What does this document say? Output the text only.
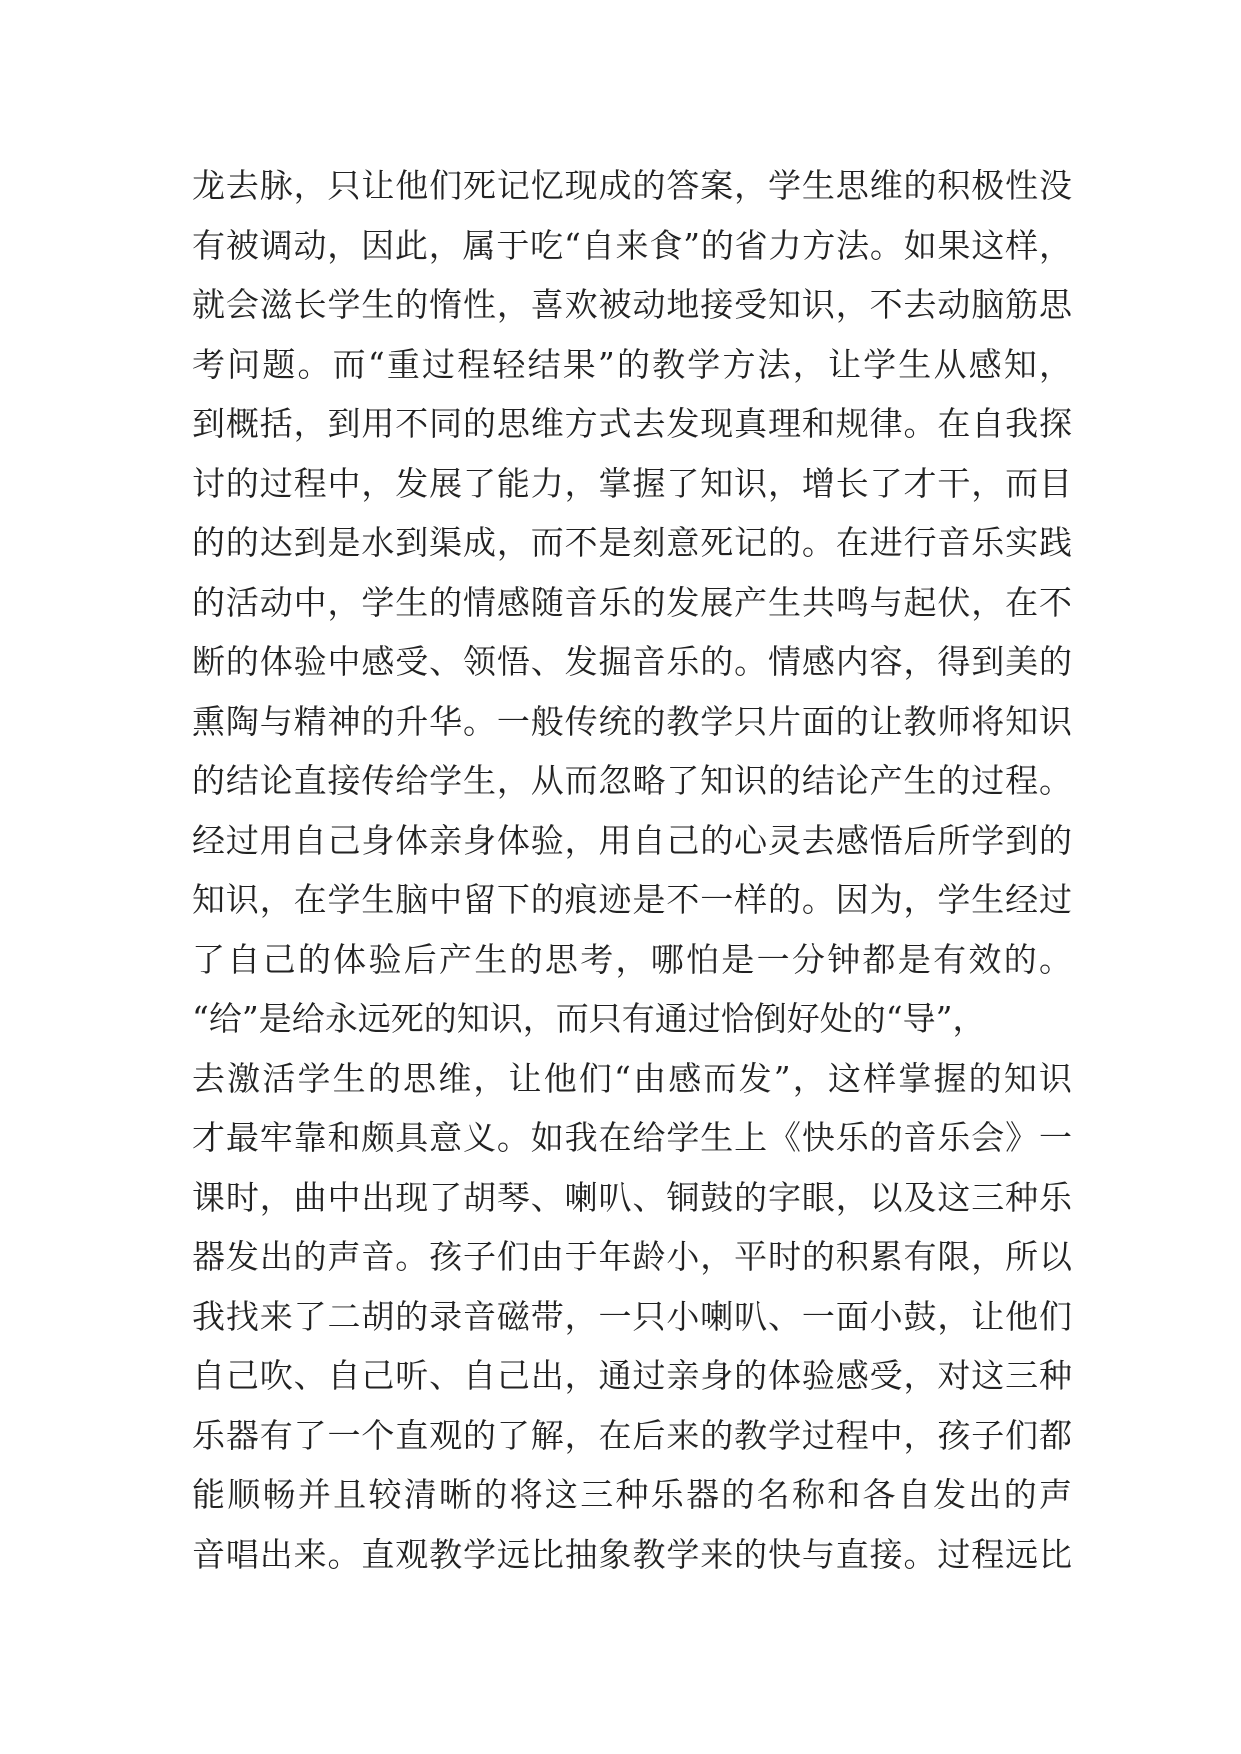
龙去脉，只让他们死记忆现成的答案，学生思维的积极性没
有被调动，因此，属于吃“自来食”的省力方法。如果这样，
就会滋长学生的惰性，喜欢被动地接受知识，不去动脑筋思
考问题。而“重过程轻结果”的教学方法，让学生从感知，
到概括，到用不同的思维方式去发现真理和规律。在自我探
讨的过程中，发展了能力，掌握了知识，增长了才干，而目
的的达到是水到渠成，而不是刻意死记的。在进行音乐实践
的活动中，学生的情感随音乐的发展产生共鸣与起伏，在不
断的体验中感受、领悟、发掘音乐的。情感内容，得到美的
熏陶与精神的升华。一般传统的教学只片面的让教师将知识
的结论直接传给学生，从而忽略了知识的结论产生的过程。
经过用自己身体亲身体验，用自己的心灵去感悟后所学到的
知识，在学生脑中留下的痕迹是不一样的。因为，学生经过
了自己的体验后产生的思考，哪怕是一分钟都是有效的。
“给”是给永远死的知识，而只有通过恰倒好处的“导”，
去激活学生的思维，让他们“由感而发”，这样掌握的知识
才最牢靠和颇具意义。如我在给学生上《快乐的音乐会》一
课时，曲中出现了胡琴、喇叭、铜鼓的字眼，以及这三种乐
器发出的声音。孩子们由于年龄小，平时的积累有限，所以
我找来了二胡的录音磁带，一只小喇叭、一面小鼓，让他们
自己吹、自己听、自己出，通过亲身的体验感受，对这三种
乐器有了一个直观的了解，在后来的教学过程中，孩子们都
能顺畅并且较清晰的将这三种乐器的名称和各自发出的声
音唱出来。直观教学远比抽象教学来的快与直接。过程远比
